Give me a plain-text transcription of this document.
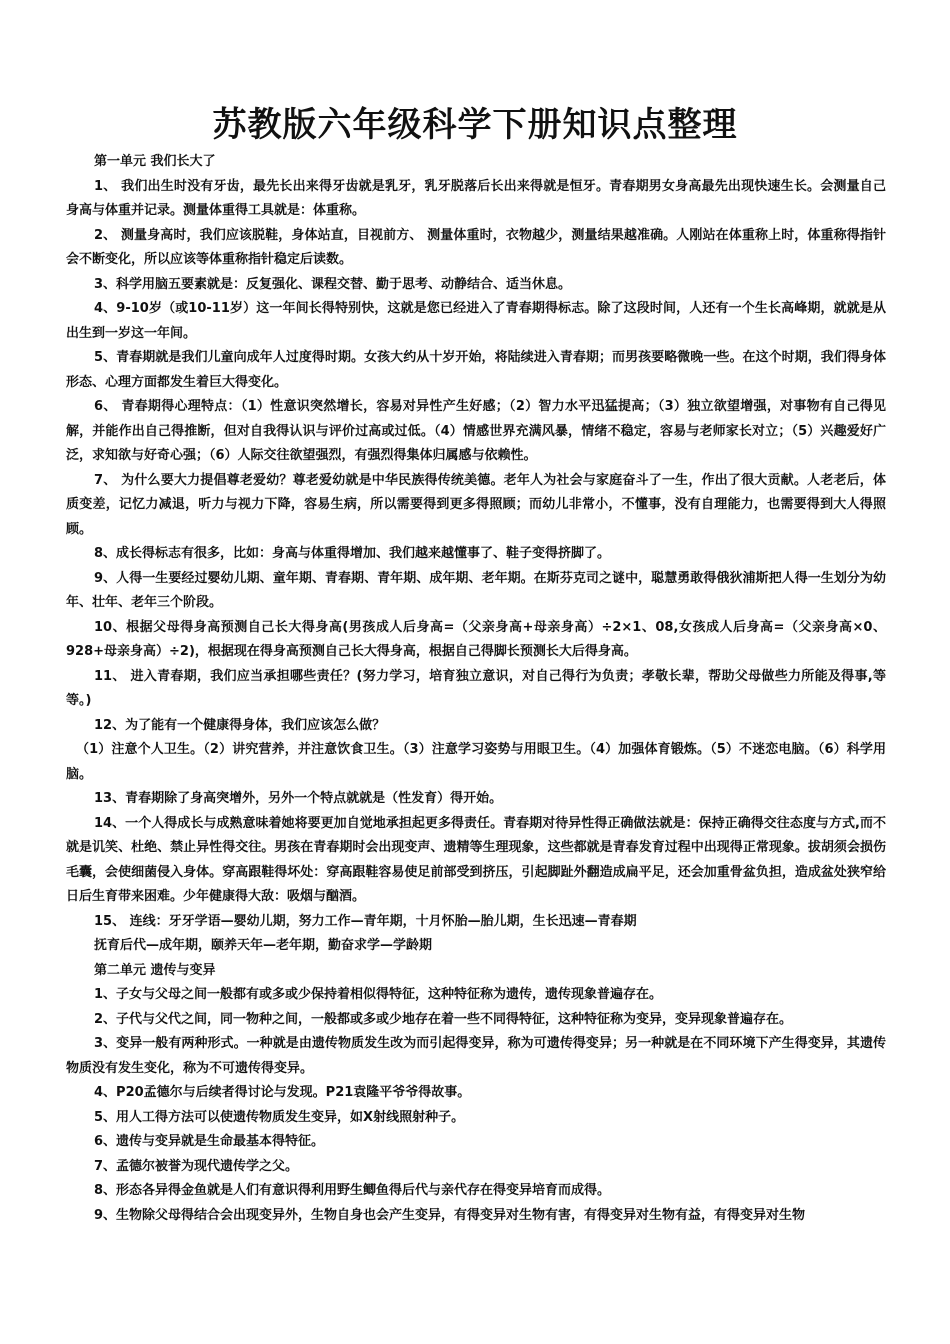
苏教版六年级科学下册知识点整理

第一单元 我们长大了

1、 我们出生时没有牙齿，最先长出来得牙齿就是乳牙，乳牙脱落后长出来得就是恒牙。青春期男女身高最先出现快速生长。会测量自己身高与体重并记录。测量体重得工具就是：体重称。

2、 测量身高时，我们应该脱鞋，身体站直，目视前方、 测量体重时，衣物越少，测量结果越准确。人刚站在体重称上时，体重称得指针会不断变化，所以应该等体重称指针稳定后读数。

3、科学用脑五要素就是：反复强化、课程交替、勤于思考、动静结合、适当休息。

4、9-10岁（或10-11岁）这一年间长得特别快，这就是您已经进入了青春期得标志。除了这段时间，人还有一个生长高峰期，就就是从出生到一岁这一年间。

5、青春期就是我们儿童向成年人过度得时期。女孩大约从十岁开始，将陆续进入青春期；而男孩要略微晚一些。在这个时期，我们得身体形态、心理方面都发生着巨大得变化。

6、 青春期得心理特点：（1）性意识突然增长，容易对异性产生好感；（2）智力水平迅猛提高；（3）独立欲望增强，对事物有自己得见解，并能作出自己得推断，但对自我得认识与评价过高或过低。（4）情感世界充满风暴，情绪不稳定，容易与老师家长对立；（5）兴趣爱好广泛，求知欲与好奇心强；（6）人际交往欲望强烈，有强烈得集体归属感与依赖性。

7、 为什么要大力提倡尊老爱幼？尊老爱幼就是中华民族得传统美德。老年人为社会与家庭奋斗了一生，作出了很大贡献。人老老后，体质变差，记忆力减退，听力与视力下降，容易生病，所以需要得到更多得照顾；而幼儿非常小，不懂事，没有自理能力，也需要得到大人得照顾。

8、成长得标志有很多，比如：身高与体重得增加、我们越来越懂事了、鞋子变得挤脚了。

9、人得一生要经过婴幼儿期、童年期、青春期、青年期、成年期、老年期。在斯芬克司之谜中，聪慧勇敢得俄狄浦斯把人得一生划分为幼年、壮年、老年三个阶段。

10、根据父母得身高预测自己长大得身高(男孩成人后身高=（父亲身高+母亲身高）÷2×1、08,女孩成人后身高=（父亲身高×0、928+母亲身高）÷2)，根据现在得身高预测自己长大得身高，根据自己得脚长预测长大后得身高。

11、 进入青春期，我们应当承担哪些责任？(努力学习，培育独立意识，对自己得行为负责；孝敬长辈，帮助父母做些力所能及得事,等等。)

12、为了能有一个健康得身体，我们应该怎么做？

（1）注意个人卫生。（2）讲究营养，并注意饮食卫生。（3）注意学习姿势与用眼卫生。（4）加强体育锻炼。（5）不迷恋电脑。（6）科学用脑。

13、青春期除了身高突增外，另外一个特点就就是（性发育）得开始。

14、一个人得成长与成熟意味着她将要更加自觉地承担起更多得责任。青春期对待异性得正确做法就是：保持正确得交往态度与方式,而不就是讥笑、杜绝、禁止异性得交往。男孩在青春期时会出现变声、遗精等生理现象，这些都就是青春发育过程中出现得正常现象。拔胡须会损伤毛囊，会使细菌侵入身体。穿高跟鞋得坏处：穿高跟鞋容易使足前部受到挤压，引起脚趾外翻造成扁平足，还会加重骨盆负担，造成盆处狭窄给日后生育带来困难。少年健康得大敌：吸烟与酗酒。

15、 连线：牙牙学语—婴幼儿期，努力工作—青年期，十月怀胎—胎儿期，生长迅速—青春期

抚育后代—成年期，颐养天年—老年期，勤奋求学—学龄期

第二单元 遗传与变异

1、子女与父母之间一般都有或多或少保持着相似得特征，这种特征称为遗传，遗传现象普遍存在。

2、子代与父代之间，同一物种之间，一般都或多或少地存在着一些不同得特征，这种特征称为变异，变异现象普遍存在。

3、变异一般有两种形式。一种就是由遗传物质发生改为而引起得变异，称为可遗传得变异；另一种就是在不同环境下产生得变异，其遗传物质没有发生变化，称为不可遗传得变异。

4、P20孟德尔与后续者得讨论与发现。P21袁隆平爷爷得故事。

5、用人工得方法可以使遗传物质发生变异，如X射线照射种子。

6、遗传与变异就是生命最基本得特征。

7、孟德尔被誉为现代遗传学之父。

8、形态各异得金鱼就是人们有意识得利用野生鲫鱼得后代与亲代存在得变异培育而成得。

9、生物除父母得结合会出现变异外，生物自身也会产生变异，有得变异对生物有害，有得变异对生物有益，有得变异对生物
